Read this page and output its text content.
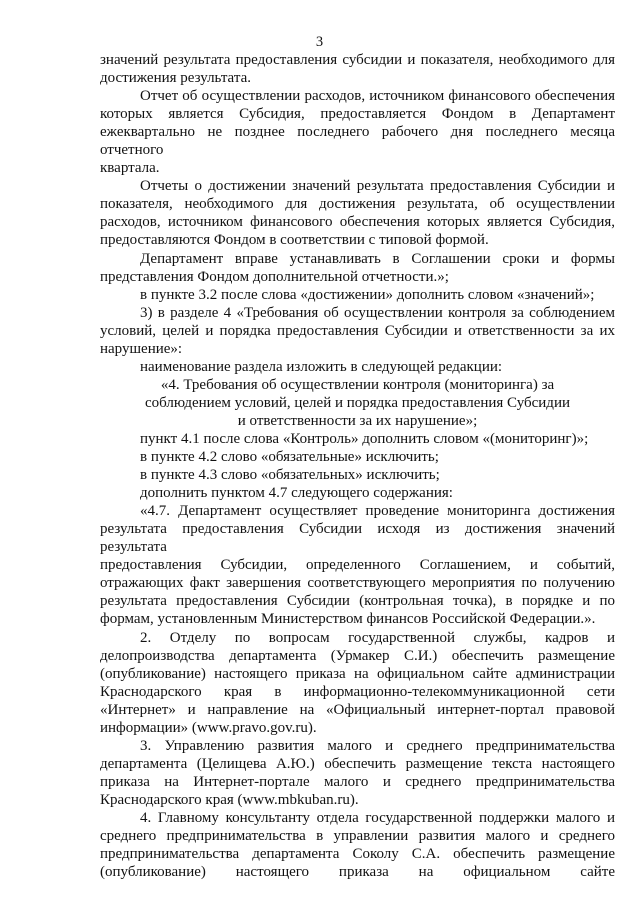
3

значений результата предоставления субсидии и показателя, необходимого для
достижения результата.

Отчет об осуществлении расходов, источником финансового обеспечения
которых является Субсидия, предоставляется Фондом в Департамент
ежеквартально не позднее последнего рабочего дня последнего месяца отчетного
квартала.

Отчеты о достижении значений результата предоставления Субсидии и
показателя, необходимого для достижения результата, об осуществлении
расходов, источником финансового обеспечения которых является Субсидия,
предоставляются Фондом в соответствии с типовой формой.

Департамент вправе устанавливать в Соглашении сроки и формы
представления Фондом дополнительной отчетности.»;

в пункте 3.2 после слова «достижении» дополнить словом «значений»;

3) в разделе 4 «Требования об осуществлении контроля за соблюдением
условий, целей и порядка предоставления Субсидии и ответственности за их
нарушение»:

наименование раздела изложить в следующей редакции:

«4. Требования об осуществлении контроля (мониторинга) за
соблюдением условий, целей и порядка предоставления Субсидии
и ответственности за их нарушение»;

пункт 4.1 после слова «Контроль» дополнить словом «(мониторинг)»;

в пункте 4.2 слово «обязательные» исключить;

в пункте 4.3 слово «обязательных» исключить;

дополнить пунктом 4.7 следующего содержания:

«4.7. Департамент осуществляет проведение мониторинга достижения
результата предоставления Субсидии исходя из достижения значений результата
предоставления Субсидии, определенного Соглашением, и событий,
отражающих факт завершения соответствующего мероприятия по получению
результата предоставления Субсидии (контрольная точка), в порядке и по
формам, установленным Министерством финансов Российской Федерации.».

2. Отделу по вопросам государственной службы, кадров и
делопроизводства департамента (Урмакер С.И.) обеспечить размещение
(опубликование) настоящего приказа на официальном сайте администрации
Краснодарского края в информационно-телекоммуникационной сети
«Интернет» и направление на «Официальный интернет-портал правовой
информации» (www.pravo.gov.ru).

3. Управлению развития малого и среднего предпринимательства
департамента (Целищева А.Ю.) обеспечить размещение текста настоящего
приказа на Интернет-портале малого и среднего предпринимательства
Краснодарского края (www.mbkuban.ru).

4. Главному консультанту отдела государственной поддержки малого и
среднего предпринимательства в управлении развития малого и среднего
предпринимательства департамента Соколу С.А. обеспечить размещение
(опубликование) настоящего приказа на официальном сайте
